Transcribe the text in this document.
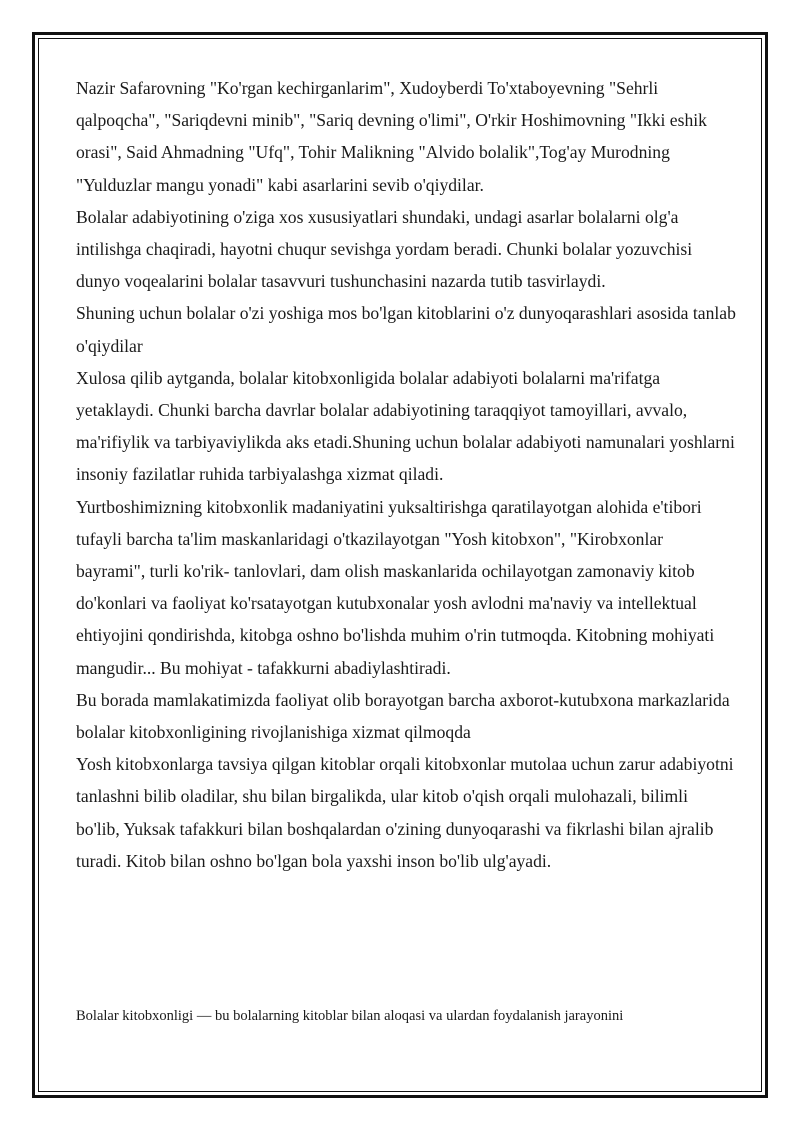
Nazir Safarovning "Ko'rgan kechirganlarim", Xudoyberdi To'xtaboyevning "Sehrli qalpoqcha", "Sariqdevni minib", "Sariq devning o'limi", O'rkir Hoshimovning "Ikki eshik orasi", Said Ahmadning "Ufq", Tohir Malikning "Alvido bolalik",Tog'ay Murodning "Yulduzlar mangu yonadi" kabi asarlarini sevib o'qiydilar.

Bolalar adabiyotining o'ziga xos xususiyatlari shundaki, undagi asarlar bolalarni olg'a intilishga chaqiradi, hayotni chuqur sevishga yordam beradi. Chunki bolalar yozuvchisi dunyo voqealarini bolalar tasavvuri tushunchasini nazarda tutib tasvirlaydi.

Shuning uchun bolalar o'zi yoshiga mos bo'lgan kitoblarini o'z dunyoqarashlari asosida tanlab o'qiydilar

Xulosa qilib aytganda, bolalar kitobxonligida bolalar adabiyoti bolalarni ma'rifatga yetaklaydi. Chunki barcha davrlar bolalar adabiyotining taraqqiyot tamoyillari, avvalo, ma'rifiylik va tarbiyaviylikda aks etadi.Shuning uchun bolalar adabiyoti namunalari yoshlarni insoniy fazilatlar ruhida tarbiyalashga xizmat qiladi.

Yurtboshimizning kitobxonlik madaniyatini yuksaltirishga qaratilayotgan alohida e'tibori tufayli barcha ta'lim maskanlaridagi o'tkazilayotgan "Yosh kitobxon", "Kirobxonlar bayrami", turli ko'rik- tanlovlari, dam olish maskanlarida ochilayotgan zamonaviy kitob do'konlari va faoliyat ko'rsatayotgan kutubxonalar yosh avlodni ma'naviy va intellektual ehtiyojini qondirishda, kitobga oshno bo'lishda muhim o'rin tutmoqda. Kitobning mohiyati mangudir... Bu mohiyat - tafakkurni abadiylashtiradi.

Bu borada mamlakatimizda faoliyat olib borayotgan barcha axborot-kutubxona markazlarida bolalar kitobxonligining rivojlanishiga xizmat qilmoqda

Yosh kitobxonlarga tavsiya qilgan kitoblar orqali kitobxonlar mutolaa uchun zarur adabiyotni tanlashni bilib oladilar, shu bilan birgalikda, ular kitob o'qish orqali mulohazali, bilimli bo'lib, Yuksak tafakkuri bilan boshqalardan o'zining dunyoqarashi va fikrlashi bilan ajralib turadi. Kitob bilan oshno bo'lgan bola yaxshi inson bo'lib ulg'ayadi.

Bolalar kitobxonligi — bu bolalarning kitoblar bilan aloqasi va ulardan foydalanish jarayonini
